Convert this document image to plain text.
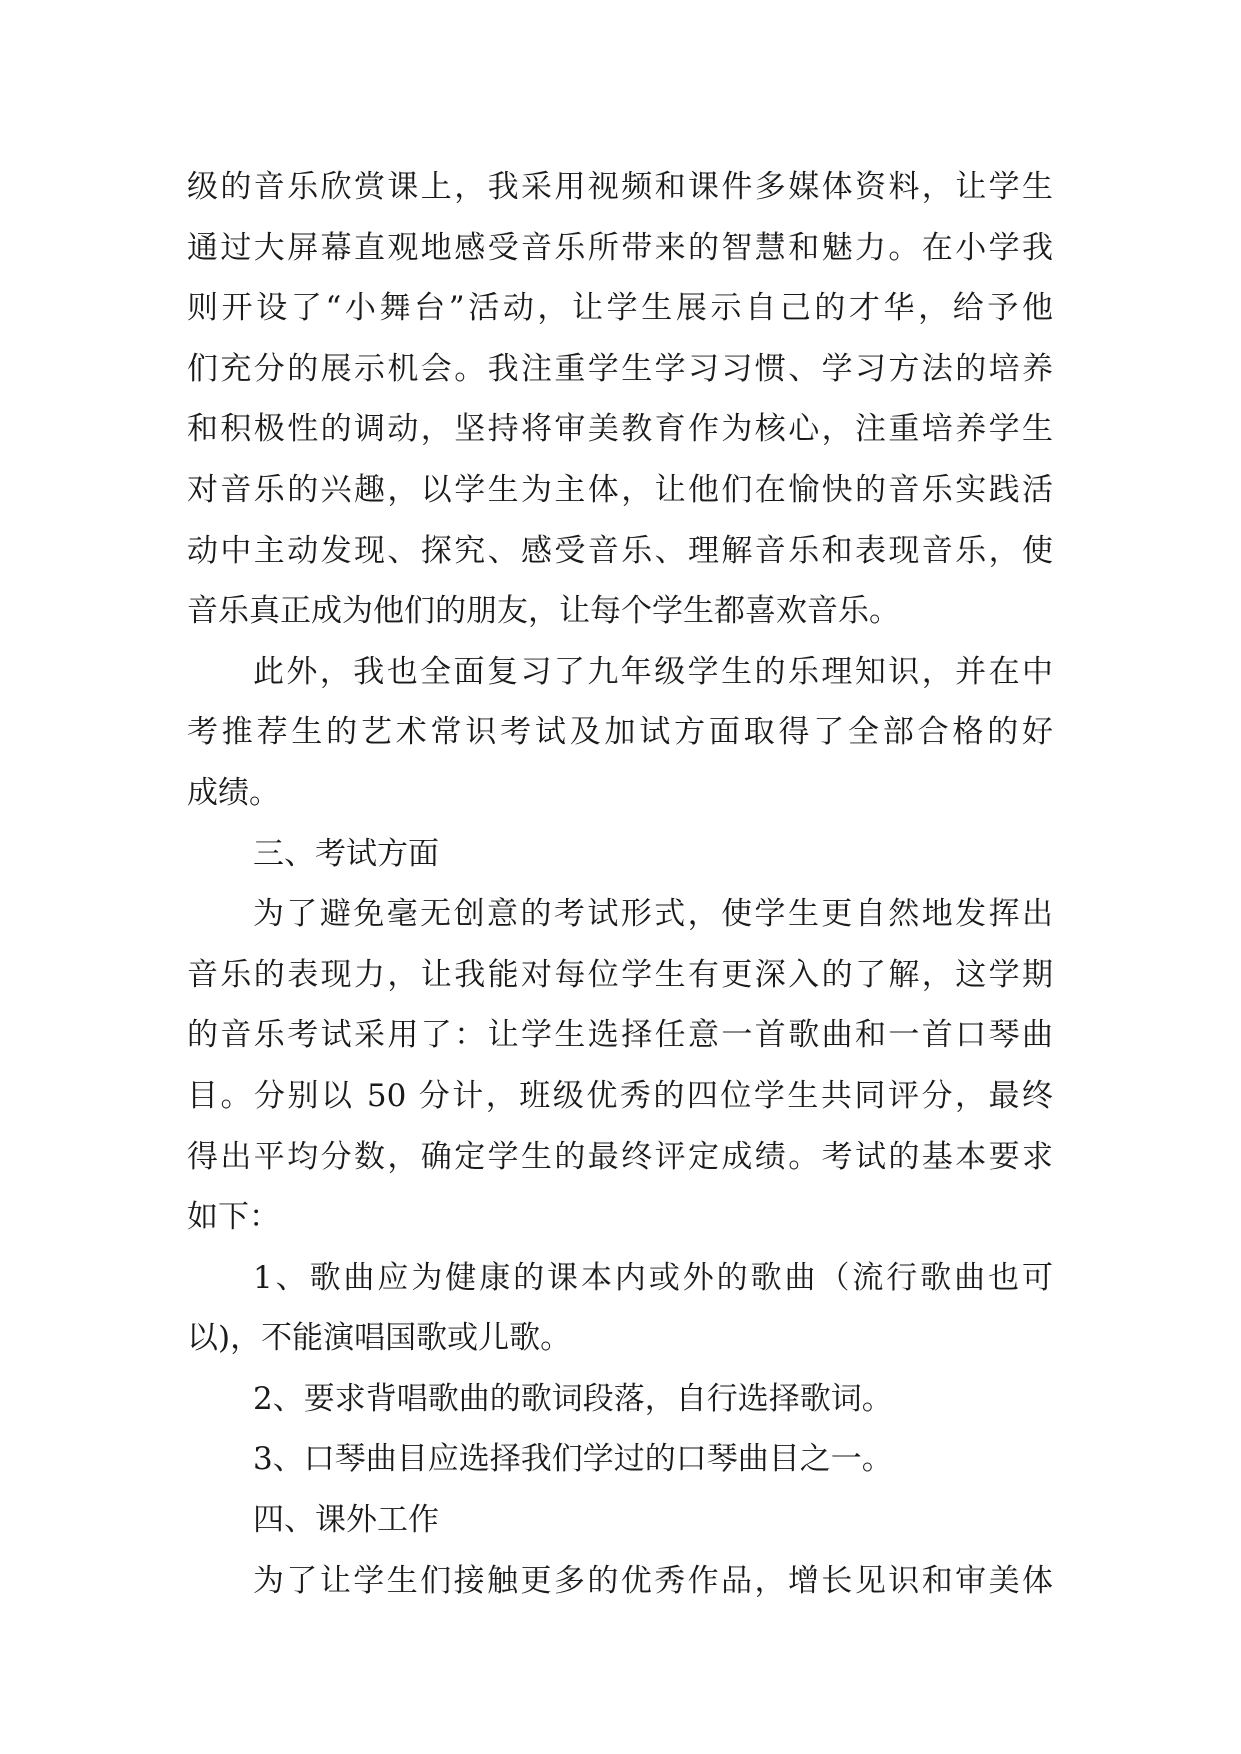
级的音乐欣赏课上，我采用视频和课件多媒体资料，让学生
通过大屏幕直观地感受音乐所带来的智慧和魅力。在小学我
则开设了“小舞台”活动，让学生展示自己的才华，给予他
们充分的展示机会。我注重学生学习习惯、学习方法的培养
和积极性的调动，坚持将审美教育作为核心，注重培养学生
对音乐的兴趣，以学生为主体，让他们在愉快的音乐实践活
动中主动发现、探究、感受音乐、理解音乐和表现音乐，使
音乐真正成为他们的朋友，让每个学生都喜欢音乐。
此外，我也全面复习了九年级学生的乐理知识，并在中
考推荐生的艺术常识考试及加试方面取得了全部合格的好
成绩。
三、考试方面
为了避免毫无创意的考试形式，使学生更自然地发挥出
音乐的表现力，让我能对每位学生有更深入的了解，这学期
的音乐考试采用了：让学生选择任意一首歌曲和一首口琴曲
目。分别以 50 分计，班级优秀的四位学生共同评分，最终
得出平均分数，确定学生的最终评定成绩。考试的基本要求
如下：
1、歌曲应为健康的课本内或外的歌曲（流行歌曲也可
以)，不能演唱国歌或儿歌。
2、要求背唱歌曲的歌词段落，自行选择歌词。
3、口琴曲目应选择我们学过的口琴曲目之一。
四、课外工作
为了让学生们接触更多的优秀作品，增长见识和审美体
